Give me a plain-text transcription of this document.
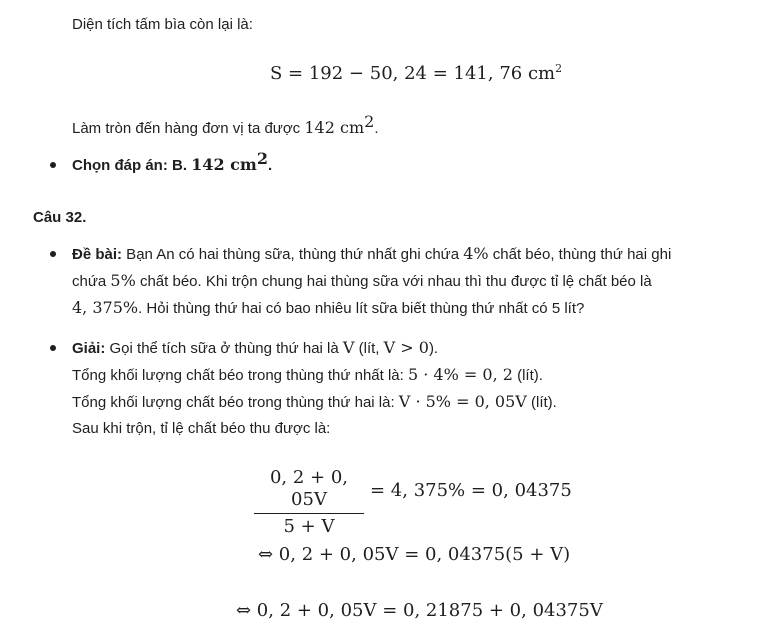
Diện tích tấm bìa còn lại là:
S = 192 − 50, 24 = 141, 76 $cm^2$
Làm tròn đến hàng đơn vị ta được 142 $cm^2$.
Chọn đáp án: B. 142 $cm^2$.
Câu 32.
Đề bài: Bạn An có hai thùng sữa, thùng thứ nhất ghi chứa 4% chất béo, thùng thứ hai ghi
chứa 5% chất béo. Khi trộn chung hai thùng sữa với nhau thì thu được tỉ lệ chất béo là
4, 375%. Hỏi thùng thứ hai có bao nhiêu lít sữa biết thùng thứ nhất có 5 lít?
Giải: Gọi thể tích sữa ở thùng thứ hai là V (lít, V > 0).
Tổng khối lượng chất béo trong thùng thứ nhất là: 5 · 4% = 0, 2 (lít).
Tổng khối lượng chất béo trong thùng thứ hai là: V · 5% = 0, 05V (lít).
Sau khi trộn, tỉ lệ chất béo thu được là:
0, 2 + 0, 05V
5 + V
= 4, 375% = 0, 04375
⇔ 0, 2 + 0, 05V = 0, 04375(5 + V)
⇔ 0, 2 + 0, 05V = 0, 21875 + 0, 04375V
